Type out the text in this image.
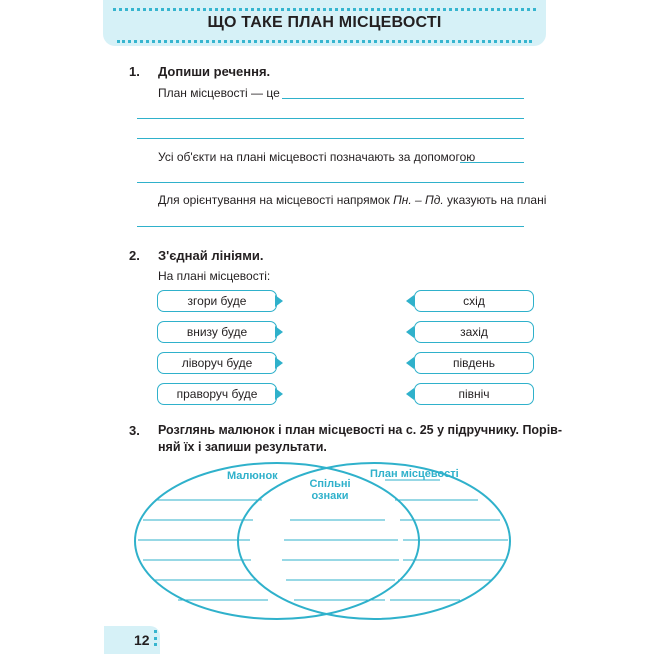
ЩО ТАКЕ ПЛАН МІСЦЕВОСТІ
1. Допиши речення.
План місцевості — це
Усі об'єкти на плані місцевості позначають за допомогою
Для орієнтування на місцевості напрямок Пн. – Пд. указують на плані
2. З'єднай лініями.
На плані місцевості:
згори буде
внизу буде
ліворуч буде
праворуч буде
схід
захід
південь
північ
3. Розглянь малюнок і план місцевості на с. 25 у підручнику. Порів-
няй їх і запиши результати.
Малюнок	План місцевості
Спільні
ознаки
12
